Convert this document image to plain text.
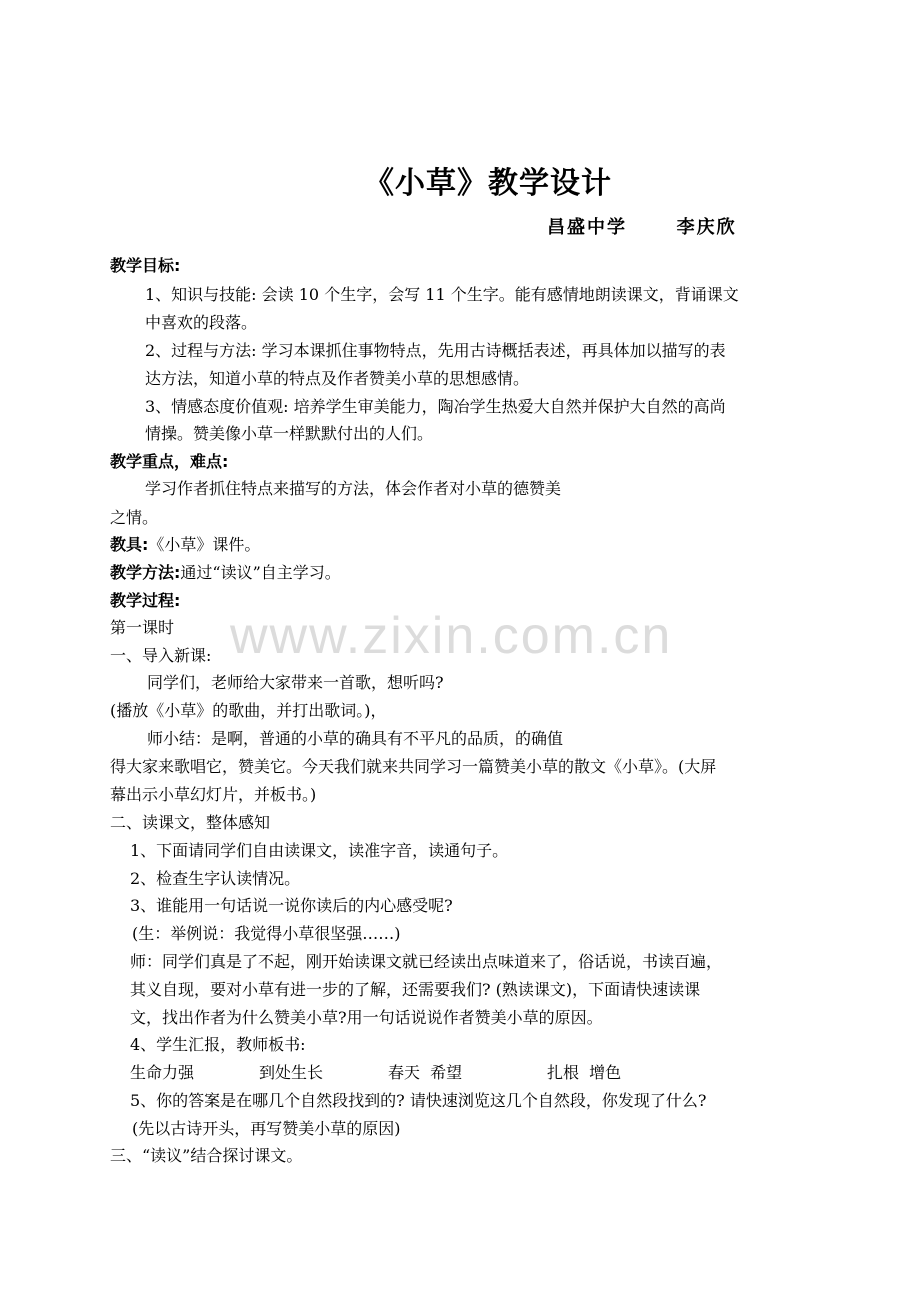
www.zixin.com.cn
《小草》教学设计
昌盛中学      李庆欣
教学目标:
1、知识与技能: 会读 10 个生字，会写 11 个生字。能有感情地朗读课文，背诵课文
中喜欢的段落。
2、过程与方法: 学习本课抓住事物特点，先用古诗概括表述，再具体加以描写的表
达方法，知道小草的特点及作者赞美小草的思想感情。
3、情感态度价值观: 培养学生审美能力，陶冶学生热爱大自然并保护大自然的高尚
情操。赞美像小草一样默默付出的人们。
教学重点，难点:
学习作者抓住特点来描写的方法，体会作者对小草的德赞美
之情。
教具:《小草》课件。
教学方法:通过“读议”自主学习。
教学过程:
第一课时
一、导入新课:
同学们，老师给大家带来一首歌，想听吗?
(播放《小草》的歌曲，并打出歌词。)，
师小结：是啊，普通的小草的确具有不平凡的品质，的确值
得大家来歌唱它，赞美它。今天我们就来共同学习一篇赞美小草的散文《小草》。(大屏
幕出示小草幻灯片，并板书。)
二、读课文，整体感知
1、下面请同学们自由读课文，读准字音，读通句子。
2、检查生字认读情况。
3、谁能用一句话说一说你读后的内心感受呢?
(生：举例说：我觉得小草很坚强……)
师：同学们真是了不起，刚开始读课文就已经读出点味道来了，俗话说，书读百遍，
其义自现，要对小草有进一步的了解，还需要我们? (熟读课文)，下面请快速读课
文，找出作者为什么赞美小草?用一句话说说作者赞美小草的原因。
4、学生汇报，教师板书:
生命力强	到处生长	春天  希望	扎根  增色
5、你的答案是在哪几个自然段找到的? 请快速浏览这几个自然段，你发现了什么?
(先以古诗开头，再写赞美小草的原因)
三、“读议”结合探讨课文。
